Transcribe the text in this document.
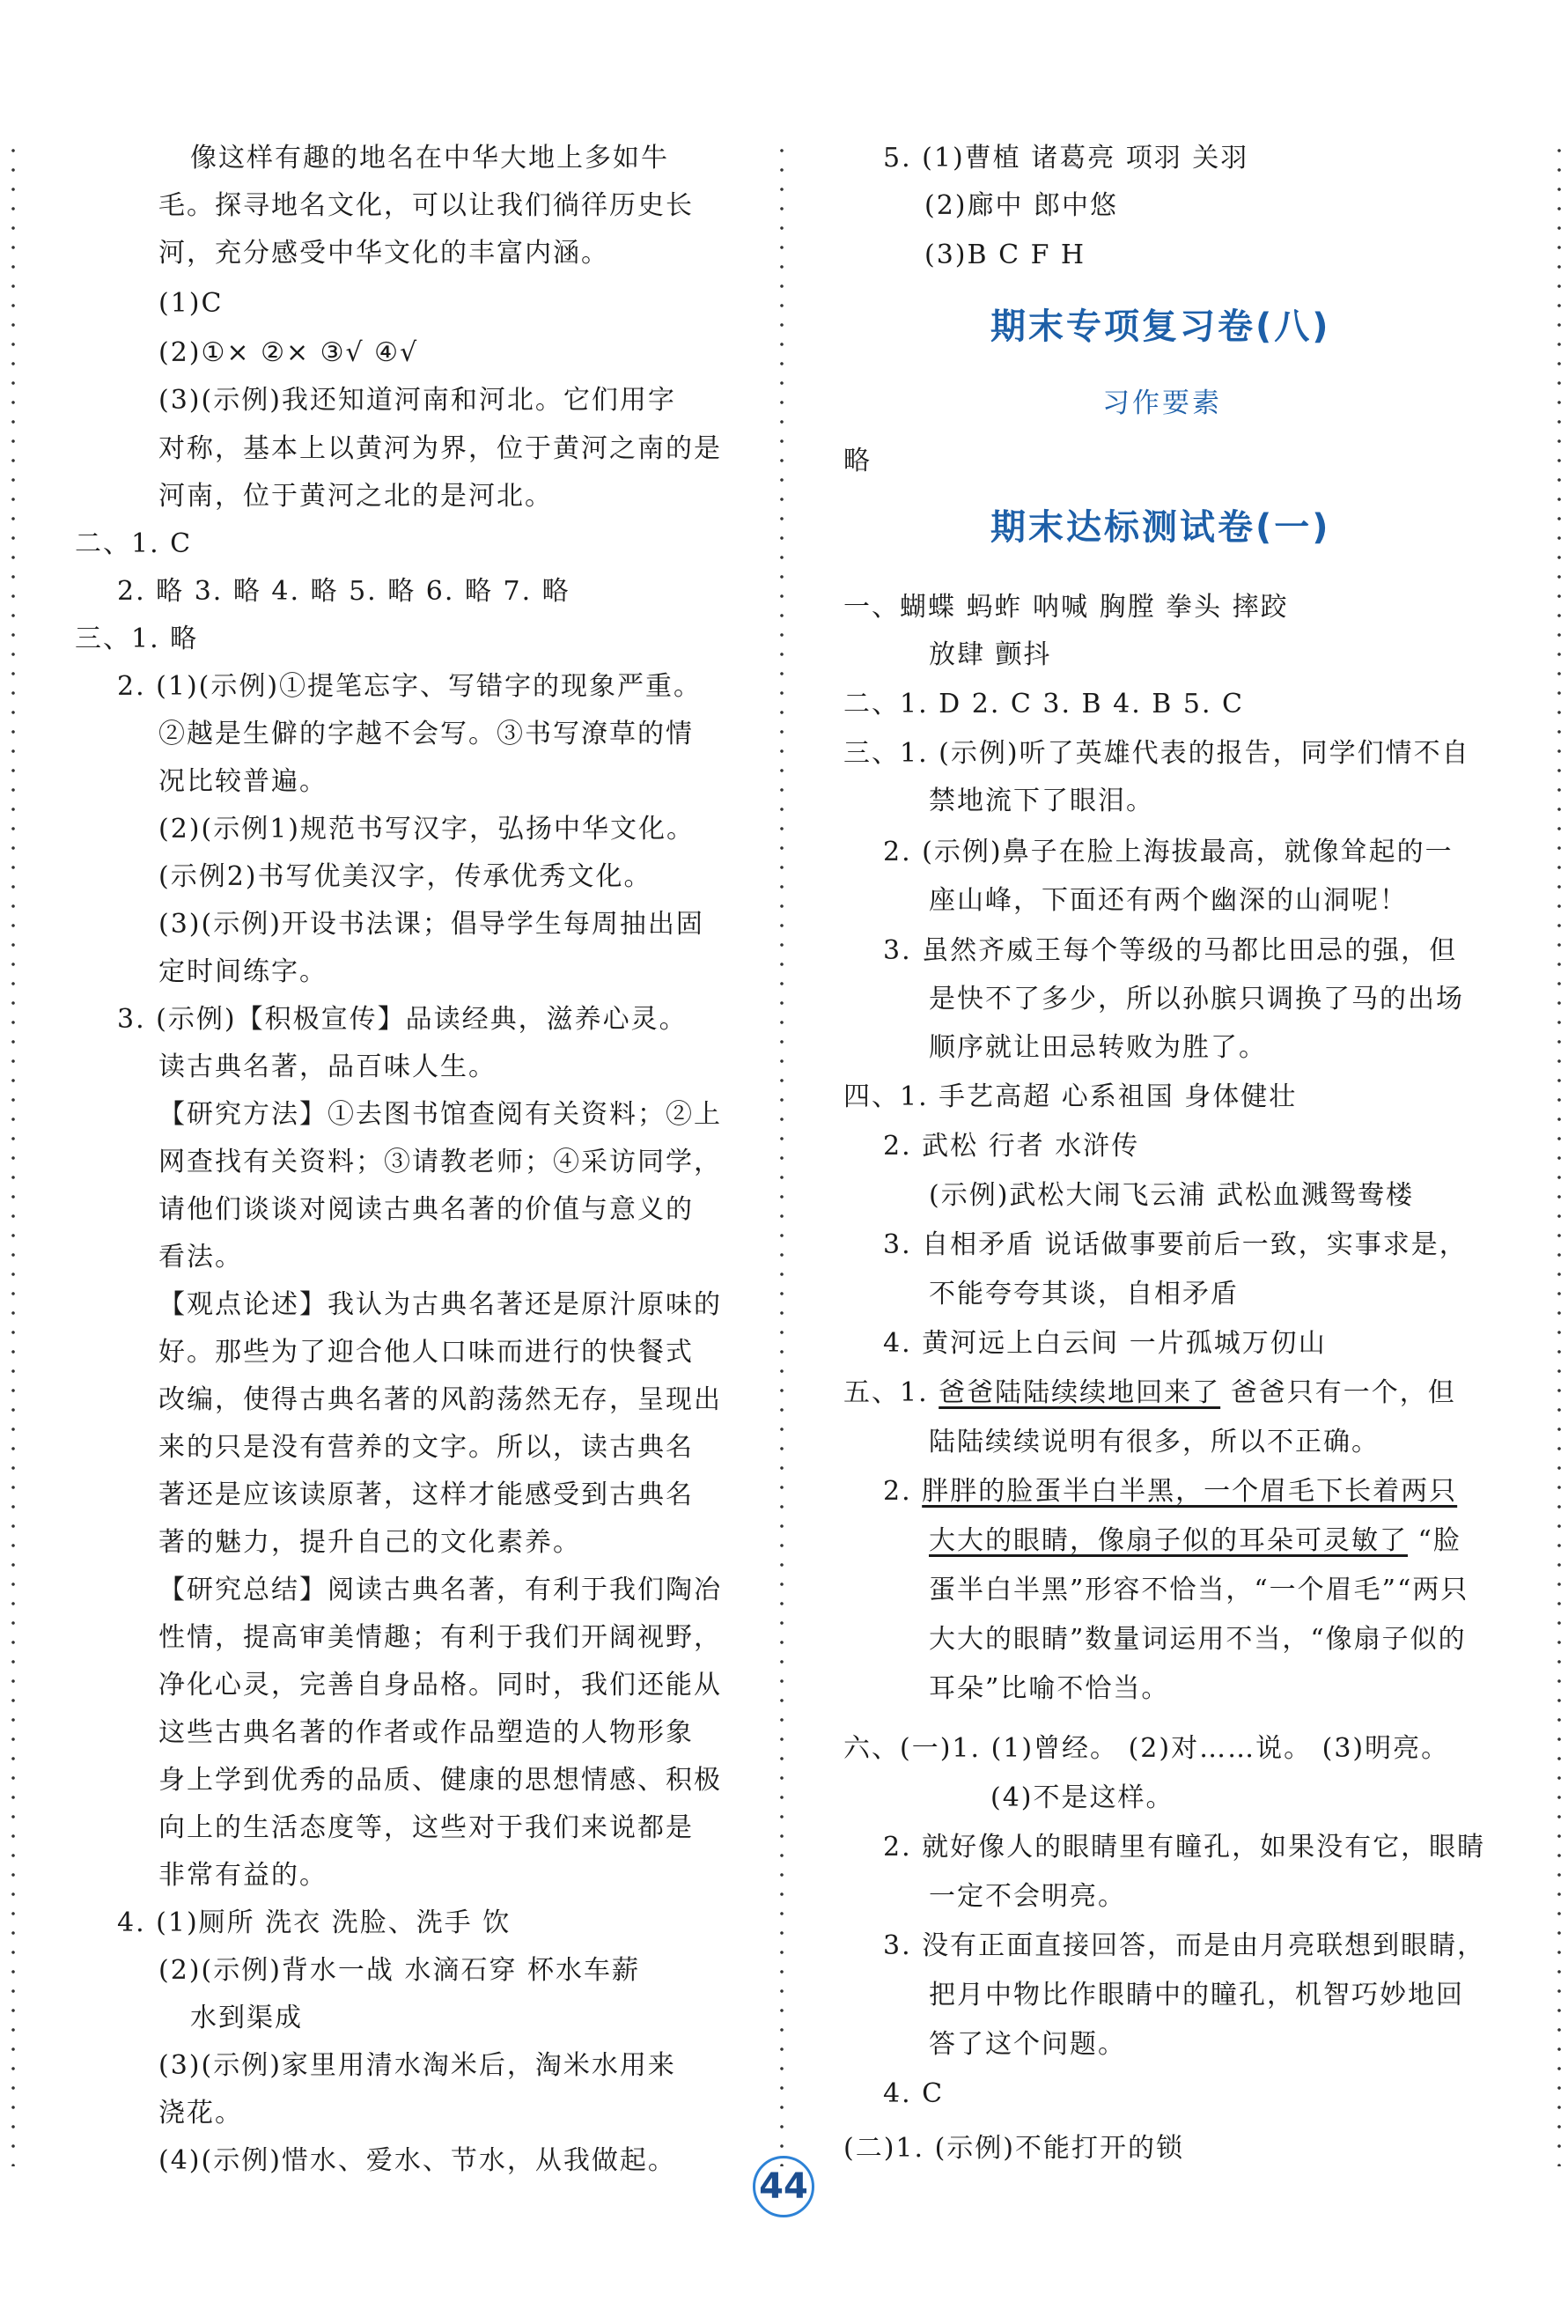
像这样有趣的地名在中华大地上多如牛
毛。探寻地名文化，可以让我们徜徉历史长
河，充分感受中华文化的丰富内涵。
(1)C
(2)①× ②× ③√ ④√
(3)(示例)我还知道河南和河北。它们用字
对称，基本上以黄河为界，位于黄河之南的是
河南，位于黄河之北的是河北。
二、1. C
2. 略 3. 略 4. 略 5. 略 6. 略 7. 略
三、1. 略
2. (1)(示例)①提笔忘字、写错字的现象严重。
②越是生僻的字越不会写。③书写潦草的情
况比较普遍。
(2)(示例1)规范书写汉字，弘扬中华文化。
(示例2)书写优美汉字，传承优秀文化。
(3)(示例)开设书法课；倡导学生每周抽出固
定时间练字。
3. (示例)【积极宣传】品读经典，滋养心灵。
读古典名著，品百味人生。
【研究方法】①去图书馆查阅有关资料；②上
网查找有关资料；③请教老师；④采访同学，
请他们谈谈对阅读古典名著的价值与意义的
看法。
【观点论述】我认为古典名著还是原汁原味的
好。那些为了迎合他人口味而进行的快餐式
改编，使得古典名著的风韵荡然无存，呈现出
来的只是没有营养的文字。所以，读古典名
著还是应该读原著，这样才能感受到古典名
著的魅力，提升自己的文化素养。
【研究总结】阅读古典名著，有利于我们陶冶
性情，提高审美情趣；有利于我们开阔视野，
净化心灵，完善自身品格。同时，我们还能从
这些古典名著的作者或作品塑造的人物形象
身上学到优秀的品质、健康的思想情感、积极
向上的生活态度等，这些对于我们来说都是
非常有益的。
4. (1)厕所 洗衣 洗脸、洗手 饮
(2)(示例)背水一战 水滴石穿 杯水车薪
水到渠成
(3)(示例)家里用清水淘米后，淘米水用来
浇花。
(4)(示例)惜水、爱水、节水，从我做起。
5. (1)曹植 诸葛亮 项羽 关羽
(2)廊中 郎中悠
(3)B C F H
期末专项复习卷(八)
习作要素
略
期末达标测试卷(一)
一、蝴蝶 蚂蚱 呐喊 胸膛 拳头 摔跤
放肆 颤抖
二、1. D 2. C 3. B 4. B 5. C
三、1. (示例)听了英雄代表的报告，同学们情不自
禁地流下了眼泪。
2. (示例)鼻子在脸上海拔最高，就像耸起的一
座山峰，下面还有两个幽深的山洞呢！
3. 虽然齐威王每个等级的马都比田忌的强，但
是快不了多少，所以孙膑只调换了马的出场
顺序就让田忌转败为胜了。
四、1. 手艺高超 心系祖国 身体健壮
2. 武松 行者 水浒传
(示例)武松大闹飞云浦 武松血溅鸳鸯楼
3. 自相矛盾 说话做事要前后一致，实事求是，
不能夸夸其谈，自相矛盾
4. 黄河远上白云间 一片孤城万仞山
五、1. 爸爸陆陆续续地回来了 爸爸只有一个，但
陆陆续续说明有很多，所以不正确。
2. 胖胖的脸蛋半白半黑，一个眉毛下长着两只
大大的眼睛，像扇子似的耳朵可灵敏了 “脸
蛋半白半黑”形容不恰当，“一个眉毛”“两只
大大的眼睛”数量词运用不当，“像扇子似的
耳朵”比喻不恰当。
六、(一)1. (1)曾经。 (2)对……说。 (3)明亮。
(4)不是这样。
2. 就好像人的眼睛里有瞳孔，如果没有它，眼睛
一定不会明亮。
3. 没有正面直接回答，而是由月亮联想到眼睛，
把月中物比作眼睛中的瞳孔，机智巧妙地回
答了这个问题。
4. C
(二)1. (示例)不能打开的锁
44
